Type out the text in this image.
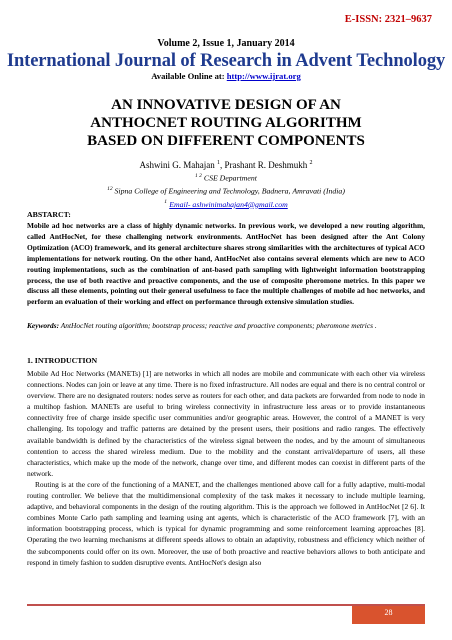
E-ISSN: 2321–9637
Volume 2, Issue 1, January 2014
International Journal of Research in Advent Technology
Available Online at: http://www.ijrat.org
AN INNOVATIVE DESIGN OF AN
ANTHOCNET ROUTING ALGORITHM
BASED ON DIFFERENT COMPONENTS
Ashwini G. Mahajan $^1$, Prashant R. Deshmukh $^2$
$^{1 2}$ CSE Department
$^{12}$ Sipna College of Engineering and Technology, Badnera, Amravati (India)
$^1$ Email- ashwinimahajan4@gmail.com
ABSTARCT:
Mobile ad hoc networks are a class of highly dynamic networks. In previous work, we developed a new routing algorithm, called AntHocNet, for these challenging network environments. AntHocNet has been designed after the Ant Colony Optimization (ACO) framework, and its general architecture shares strong similarities with the architectures of typical ACO implementations for network routing. On the other hand, AntHocNet also contains several elements which are new to ACO routing implementations, such as the combination of ant-based path sampling with lightweight information bootstrapping process, the use of both reactive and proactive components, and the use of composite pheromone metrics. In this paper we discuss all these elements, pointing out their general usefulness to face the multiple challenges of mobile ad hoc networks, and perform an evaluation of their working and effect on performance through extensive simulation studies.
Keywords: AntHocNet routing algorithm; bootstrap process; reactive and proactive components; pheromone metrics .
1. INTRODUCTION

Mobile Ad Hoc Networks (MANETs) [1] are networks in which all nodes are mobile and communicate with each other via wireless connections. Nodes can join or leave at any time. There is no fixed infrastructure. All nodes are equal and there is no central control or overview. There are no designated routers: nodes serve as routers for each other, and data packets are forwarded from node to node in a multihop fashion. MANETs are useful to bring wireless connectivity in infrastructure less areas or to provide instantaneous connectivity free of charge inside specific user communities and/or geographic areas. However, the control of a MANET is very challenging. Its topology and traffic patterns are detained by the present users, their positions and radio ranges. The effectively available bandwidth is defined by the characteristics of the wireless signal between the nodes, and by the amount of simultaneous contention to access the shared wireless medium. Due to the mobility and the constant arrival/departure of users, all these characteristics, which make up the mode of the network, change over time, and different modes can coexist in different parts of the network.

Routing is at the core of the functioning of a MANET, and the challenges mentioned above call for a fully adaptive, multi-modal routing controller. We believe that the multidimensional complexity of the task makes it necessary to include multiple learning, adaptive, and behavioral components in the design of the routing algorithm. This is the approach we followed in AntHocNet [2 6]. It combines Monte Carlo path sampling and learning using ant agents, which is characteristic of the ACO framework [7], with an information bootstrapping process, which is typical for dynamic programming and some reinforcement learning approaches [8]. Operating the two learning mechanisms at different speeds allows to obtain an adaptivity, robustness and efficiency which neither of the subcomponents could offer on its own. Moreover, the use of both proactive and reactive behaviors allows to both anticipate and respond in timely fashion to sudden disruptive events. AntHocNet's design also

28
